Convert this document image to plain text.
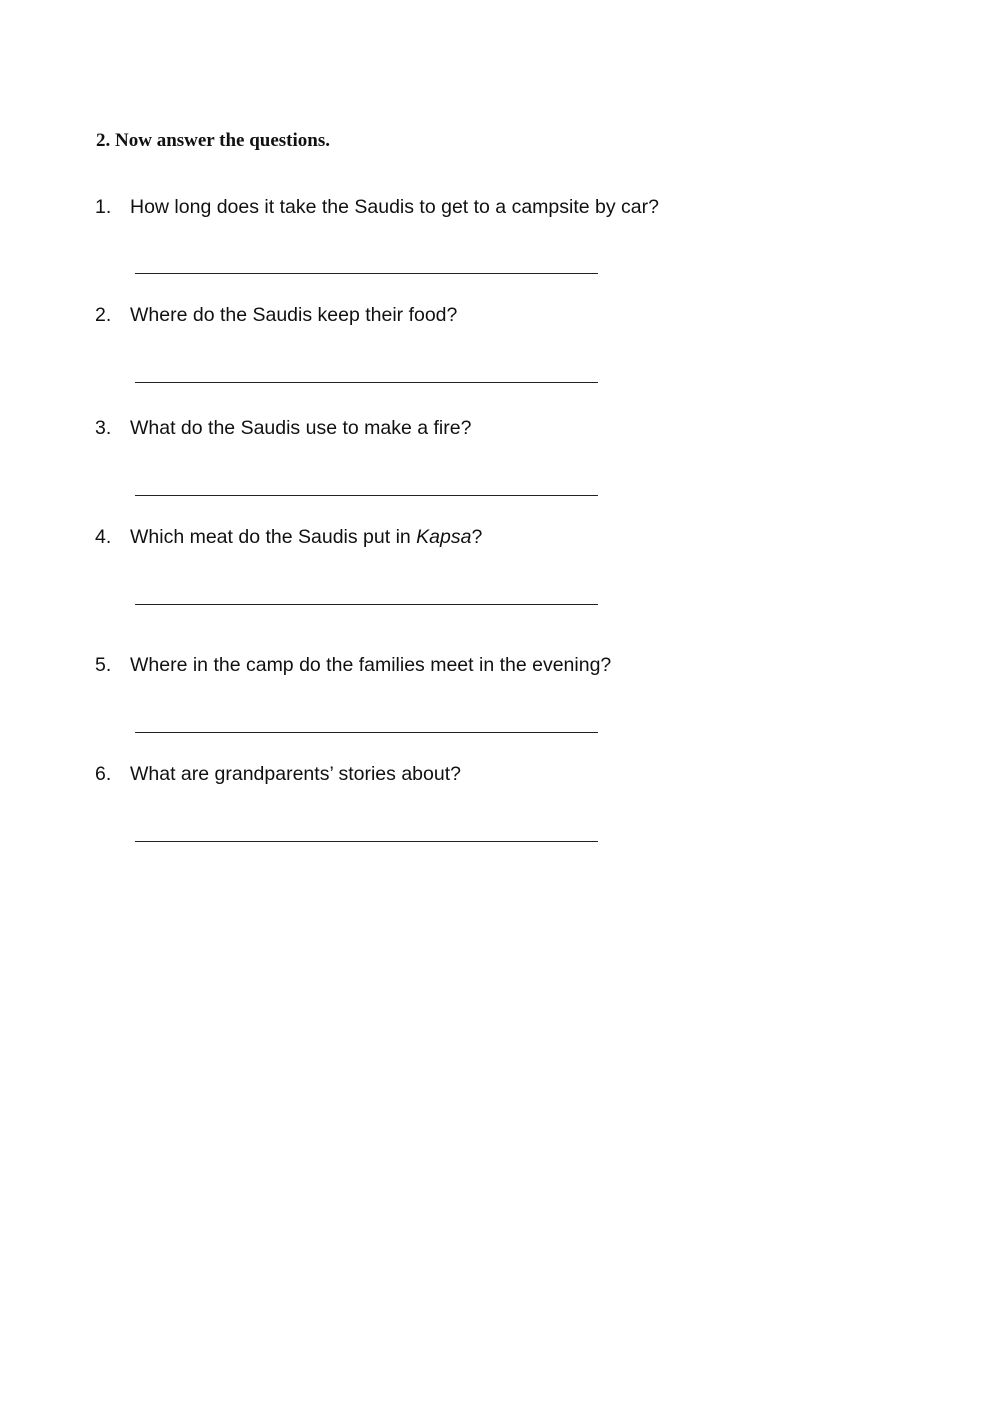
2. Now answer the questions.
1. How long does it take the Saudis to get to a campsite by car?
2. Where do the Saudis keep their food?
3. What do the Saudis use to make a fire?
4. Which meat do the Saudis put in Kapsa?
5. Where in the camp do the families meet in the evening?
6. What are grandparents’ stories about?
